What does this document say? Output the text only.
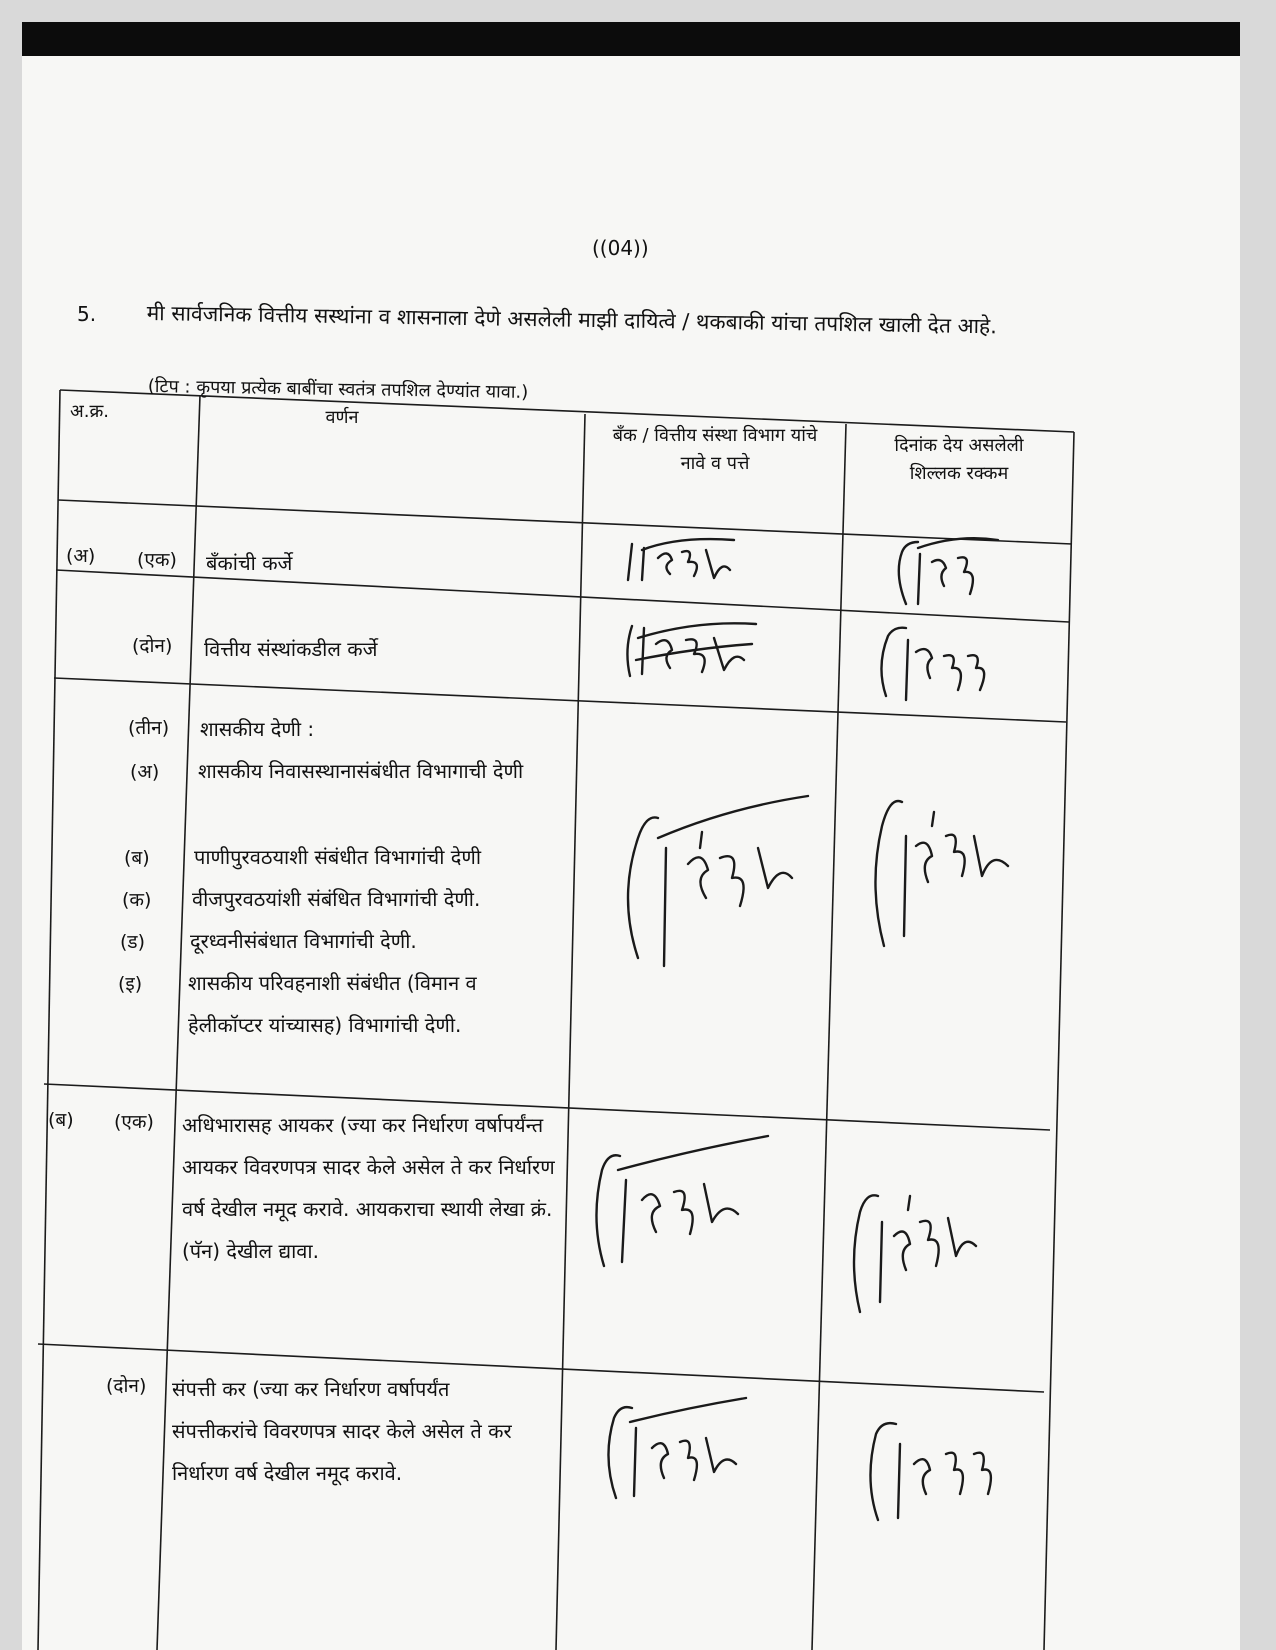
((04))
5. मी सार्वजनिक वित्तीय सस्थांना व शासनाला देणे असलेली माझी दायित्वे / थकबाकी यांचा तपशिल खाली देत आहे.
(टिप : कृपया प्रत्येक बाबींचा स्वतंत्र तपशिल देण्यांत यावा.)
अ.क्र.	वर्णन
बँक / वित्तीय संस्था विभाग यांचे नावे व पत्ते
दिनांक देय असलेली शिल्लक रक्कम
(अ) (एक) बँकांची कर्जे
(दोन) वित्तीय संस्थांकडील कर्जे
(तीन) शासकीय देणी :
(अ) शासकीय निवासस्थानासंबंधीत विभागाची देणी
(ब) पाणीपुरवठयाशी संबंधीत विभागांची देणी
(क) वीजपुरवठयांशी संबंधित विभागांची देणी.
(ड) दूरध्वनीसंबंधात विभागांची देणी.
(इ) शासकीय परिवहनाशी संबंधीत (विमान व हेलीकॉप्टर यांच्यासह) विभागांची देणी.
(ब) (एक) अधिभारासह आयकर (ज्या कर निर्धारण वर्षापर्यंन्त आयकर विवरणपत्र सादर केले असेल ते कर निर्धारण वर्ष देखील नमूद करावे. आयकराचा स्थायी लेखा क्रं. (पॅन) देखील द्यावा.
(दोन) संपत्ती कर (ज्या कर निर्धारण वर्षापर्यंत संपत्तीकरांचे विवरणपत्र सादर केले असेल ते कर निर्धारण वर्ष देखील नमूद करावे.
